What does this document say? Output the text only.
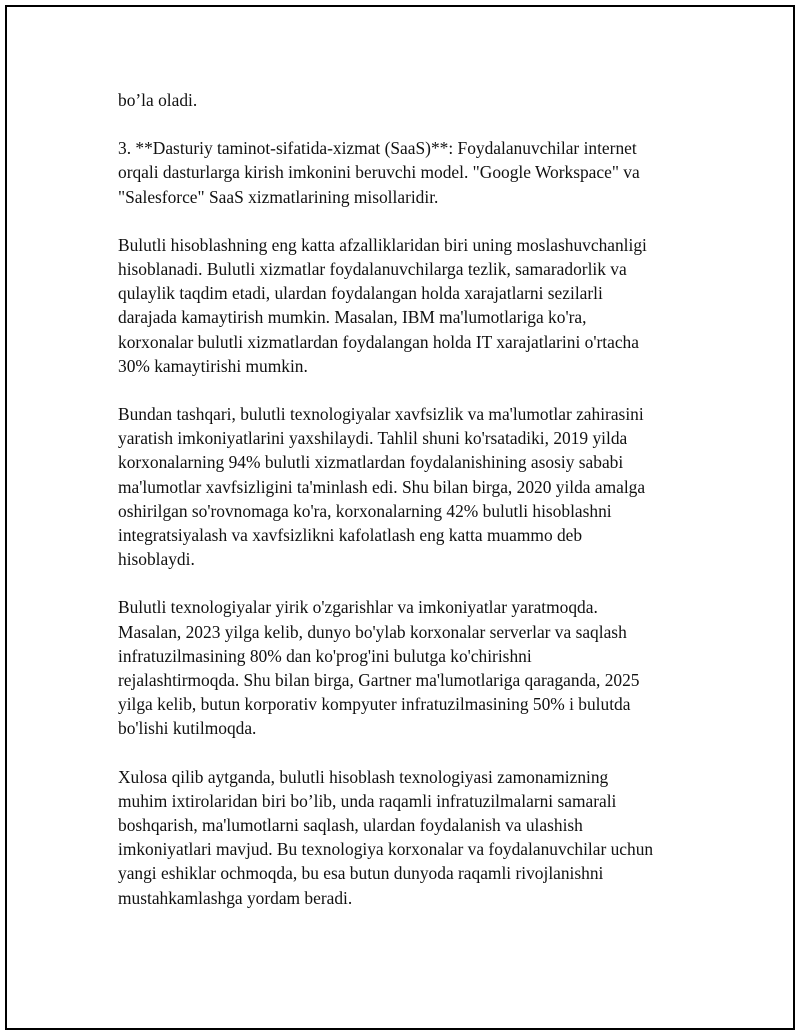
bo’la oladi.

3. **Dasturiy taminot-sifatida-xizmat (SaaS)**: Foydalanuvchilar internet
orqali dasturlarga kirish imkonini beruvchi model. "Google Workspace" va
"Salesforce" SaaS xizmatlarining misollaridir.

Bulutli hisoblashning eng katta afzalliklaridan biri uning moslashuvchanligi
hisoblanadi. Bulutli xizmatlar foydalanuvchilarga tezlik, samaradorlik va
qulaylik taqdim etadi, ulardan foydalangan holda xarajatlarni sezilarli
darajada kamaytirish mumkin. Masalan, IBM ma'lumotlariga ko'ra,
korxonalar bulutli xizmatlardan foydalangan holda IT xarajatlarini o'rtacha
30% kamaytirishi mumkin.

Bundan tashqari, bulutli texnologiyalar xavfsizlik va ma'lumotlar zahirasini
yaratish imkoniyatlarini yaxshilaydi. Tahlil shuni ko'rsatadiki, 2019 yilda
korxonalarning 94% bulutli xizmatlardan foydalanishining asosiy sababi
ma'lumotlar xavfsizligini ta'minlash edi. Shu bilan birga, 2020 yilda amalga
oshirilgan so'rovnomaga ko'ra, korxonalarning 42% bulutli hisoblashni
integratsiyalash va xavfsizlikni kafolatlash eng katta muammo deb
hisoblaydi.

Bulutli texnologiyalar yirik o'zgarishlar va imkoniyatlar yaratmoqda.
Masalan, 2023 yilga kelib, dunyo bo'ylab korxonalar serverlar va saqlash
infratuzilmasining 80% dan ko'prog'ini bulutga ko'chirishni
rejalashtirmoqda. Shu bilan birga, Gartner ma'lumotlariga qaraganda, 2025
yilga kelib, butun korporativ kompyuter infratuzilmasining 50% i bulutda
bo'lishi kutilmoqda.

Xulosa qilib aytganda, bulutli hisoblash texnologiyasi zamonamizning
muhim ixtirolaridan biri bo’lib, unda raqamli infratuzilmalarni samarali
boshqarish, ma'lumotlarni saqlash, ulardan foydalanish va ulashish
imkoniyatlari mavjud. Bu texnologiya korxonalar va foydalanuvchilar uchun
yangi eshiklar ochmoqda, bu esa butun dunyoda raqamli rivojlanishni
mustahkamlashga yordam beradi.
